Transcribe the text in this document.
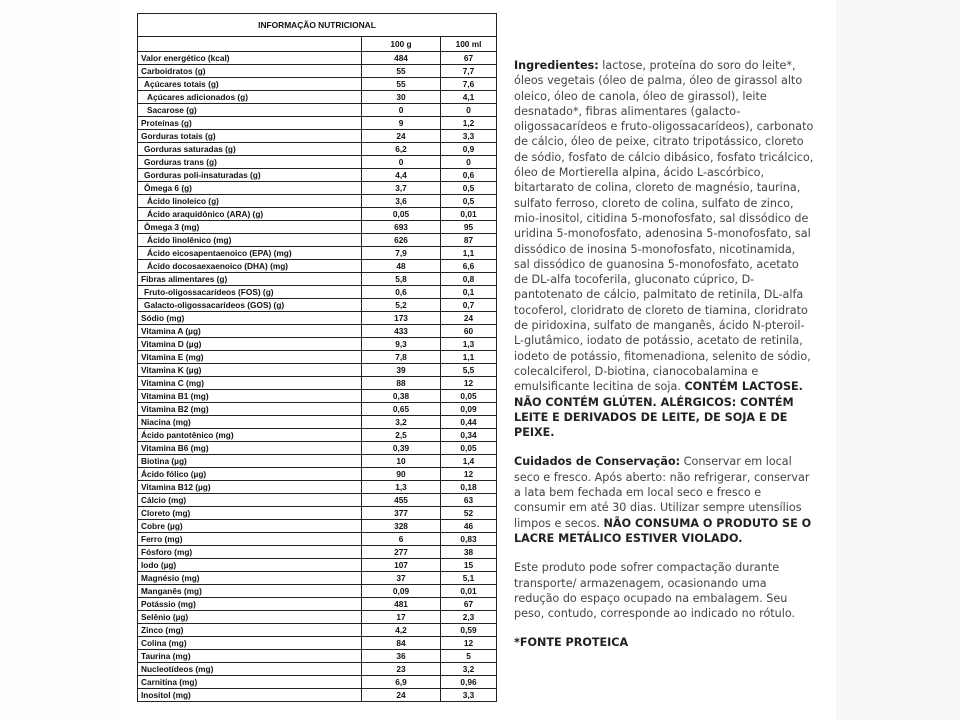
INFORMAÇÃO NUTRICIONAL		
	100 g	100 ml
Valor energético (kcal)	484	67
Carboidratos (g)	55	7,7
Açúcares totais (g)	55	7,6
Açúcares adicionados (g)	30	4,1
Sacarose (g)	0	0
Proteínas (g)	9	1,2
Gorduras totais (g)	24	3,3
Gorduras saturadas (g)	6,2	0,9
Gorduras trans (g)	0	0
Gorduras poli-insaturadas (g)	4,4	0,6
Ômega 6 (g)	3,7	0,5
Ácido linoleico (g)	3,6	0,5
Ácido araquidônico (ARA) (g)	0,05	0,01
Ômega 3 (mg)	693	95
Ácido linolênico (mg)	626	87
Ácido eicosapentaenoico (EPA) (mg)	7,9	1,1
Ácido docosaexaenoico (DHA) (mg)	48	6,6
Fibras alimentares (g)	5,8	0,8
Fruto-oligossacarídeos (FOS) (g)	0,6	0,1
Galacto-oligossacarídeos (GOS) (g)	5,2	0,7
Sódio (mg)	173	24
Vitamina A (µg)	433	60
Vitamina D (µg)	9,3	1,3
Vitamina E (mg)	7,8	1,1
Vitamina K (µg)	39	5,5
Vitamina C (mg)	88	12
Vitamina B1 (mg)	0,38	0,05
Vitamina B2 (mg)	0,65	0,09
Niacina (mg)	3,2	0,44
Ácido pantotênico (mg)	2,5	0,34
Vitamina B6 (mg)	0,39	0,05
Biotina (µg)	10	1,4
Ácido fólico (µg)	90	12
Vitamina B12 (µg)	1,3	0,18
Cálcio (mg)	455	63
Cloreto (mg)	377	52
Cobre (µg)	328	46
Ferro (mg)	6	0,83
Fósforo (mg)	277	38
Iodo (µg)	107	15
Magnésio (mg)	37	5,1
Manganês (mg)	0,09	0,01
Potássio (mg)	481	67
Selênio (µg)	17	2,3
Zinco (mg)	4,2	0,59
Colina (mg)	84	12
Taurina (mg)	36	5
Nucleotídeos (mg)	23	3,2
Carnitina (mg)	6,9	0,96
Inositol (mg)	24	3,3

Ingredientes: lactose, proteína do soro do leite*, óleos vegetais (óleo de palma, óleo de girassol alto oleico, óleo de canola, óleo de girassol), leite desnatado*, fibras alimentares (galacto-oligossacarídeos e fruto-oligossacarídeos), carbonato de cálcio, óleo de peixe, citrato tripotássico, cloreto de sódio, fosfato de cálcio dibásico, fosfato tricálcico, óleo de Mortierella alpina, ácido L-ascórbico, bitartarato de colina, cloreto de magnésio, taurina, sulfato ferroso, cloreto de colina, sulfato de zinco, mio-inositol, citidina 5-monofosfato, sal dissódico de uridina 5-monofosfato, adenosina 5-monofosfato, sal dissódico de inosina 5-monofosfato, nicotinamida, sal dissódico de guanosina 5-monofosfato, acetato de DL-alfa tocoferila, gluconato cúprico, D-pantotenato de cálcio, palmitato de retinila, DL-alfa tocoferol, cloridrato de cloreto de tiamina, cloridrato de piridoxina, sulfato de manganês, ácido N-pteroil-L-glutâmico, iodato de potássio, acetato de retinila, iodeto de potássio, fitomenadiona, selenito de sódio, colecalciferol, D-biotina, cianocobalamina e emulsificante lecitina de soja. CONTÉM LACTOSE. NÃO CONTÉM GLÚTEN. ALÉRGICOS: CONTÉM LEITE E DERIVADOS DE LEITE, DE SOJA E DE PEIXE.

Cuidados de Conservação: Conservar em local seco e fresco. Após aberto: não refrigerar, conservar a lata bem fechada em local seco e fresco e consumir em até 30 dias. Utilizar sempre utensílios limpos e secos. NÃO CONSUMA O PRODUTO SE O LACRE METÁLICO ESTIVER VIOLADO.

Este produto pode sofrer compactação durante transporte/ armazenagem, ocasionando uma redução do espaço ocupado na embalagem. Seu peso, contudo, corresponde ao indicado no rótulo.

*FONTE PROTEICA
